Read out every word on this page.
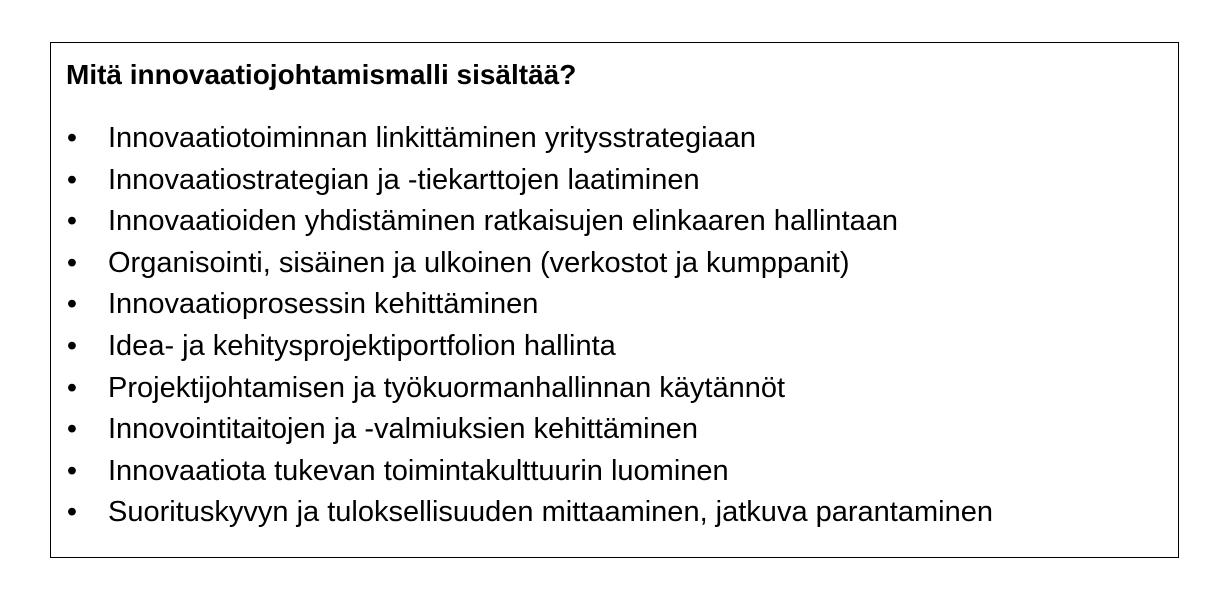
Mitä innovaatiojohtamismalli sisältää?
• Innovaatiotoiminnan linkittäminen yritysstrategiaan
• Innovaatiostrategian ja -tiekarttojen laatiminen
• Innovaatioiden yhdistäminen ratkaisujen elinkaaren hallintaan
• Organisointi, sisäinen ja ulkoinen (verkostot ja kumppanit)
• Innovaatioprosessin kehittäminen
• Idea- ja kehitysprojektiportfolion hallinta
• Projektijohtamisen ja työkuormanhallinnan käytännöt
• Innovointitaitojen ja -valmiuksien kehittäminen
• Innovaatiota tukevan toimintakulttuurin luominen
• Suorituskyvyn ja tuloksellisuuden mittaaminen, jatkuva parantaminen
